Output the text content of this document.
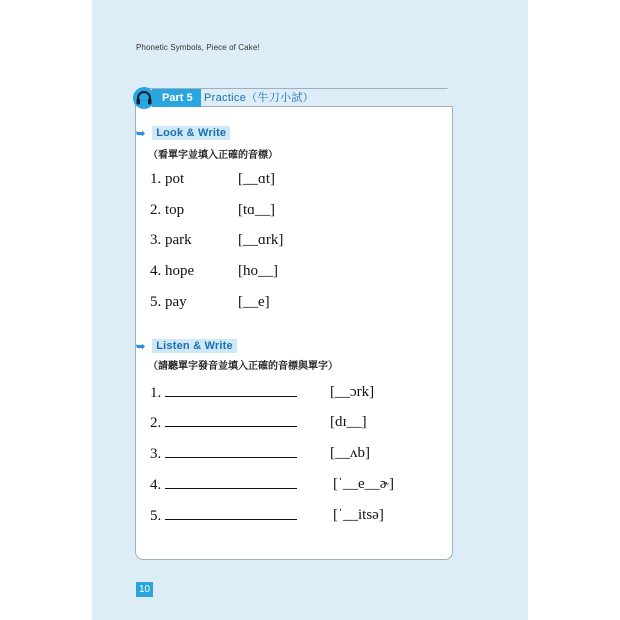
Phonetic Symbols, Piece of Cake!
Practice（牛刀小試）
Part 5
➥	Look & Write
（看單字並填入正確的音標）
1. pot	[__ɑt]
2. top	[tɑ__]
3. park	[__ɑrk]
4. hope	[ho__]
5. pay	[__e]
➥	Listen & Write
（請聽單字發音並填入正確的音標與單字）
1.	[__ɔrk]
2.	[dɪ__]
3.	[__ʌb]
4.	[ˈ__e__ɚ]
5.	[ˈ__itsə]
10
